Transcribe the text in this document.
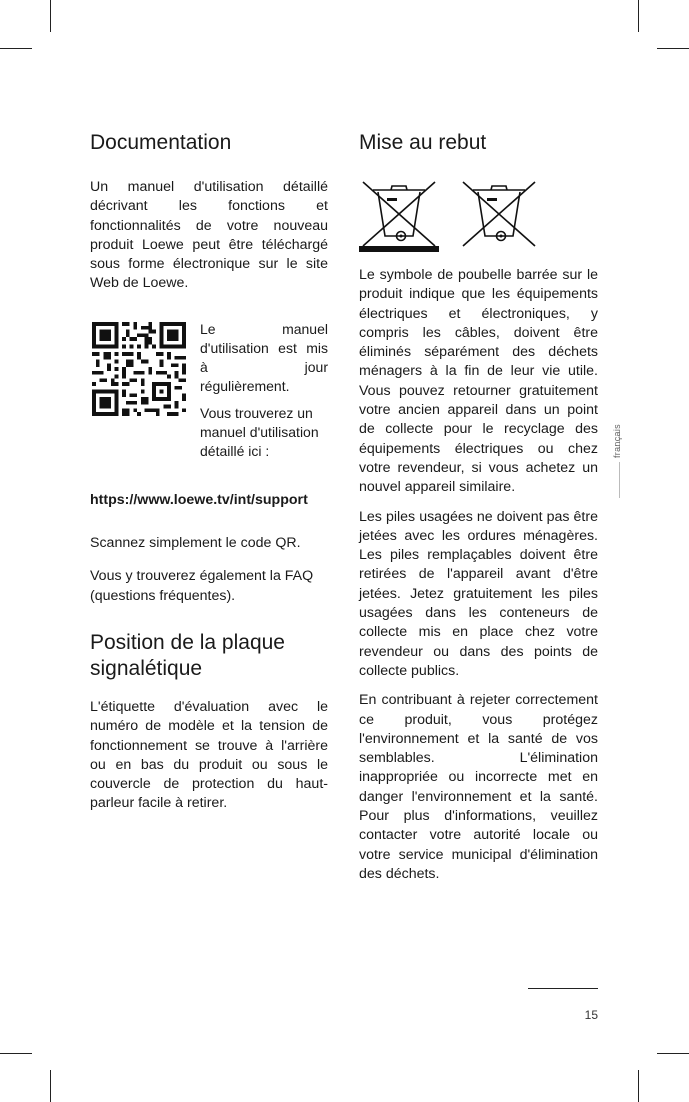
Documentation

Un manuel d'utilisation détaillé décrivant les fonctions et fonctionnalités de votre nouveau produit Loewe peut être téléchargé sous forme électronique sur le site Web de Loewe.

Le manuel d'utilisation est mis à jour régulièrement.

Vous trouverez un manuel d'utilisation détaillé ici :

https://www.loewe.tv/int/support

Scannez simplement le code QR.

Vous y trouverez également la FAQ (questions fréquentes).

Position de la plaque signalétique

L'étiquette d'évaluation avec le numéro de modèle et la tension de fonctionnement se trouve à l'arrière ou en bas du produit ou sous le couvercle de protection du haut-parleur facile à retirer.

Mise au rebut

Le symbole de poubelle barrée sur le produit indique que les équipements électriques et électroniques, y compris les câbles, doivent être éliminés séparément des déchets ménagers à la fin de leur vie utile. Vous pouvez retourner gratuitement votre ancien appareil dans un point de collecte pour le recyclage des équipements électriques ou chez votre revendeur, si vous achetez un nouvel appareil similaire.

Les piles usagées ne doivent pas être jetées avec les ordures ménagères. Les piles remplaçables doivent être retirées de l'appareil avant d'être jetées. Jetez gratuitement les piles usagées dans les conteneurs de collecte mis en place chez votre revendeur ou dans des points de collecte publics.

En contribuant à rejeter correctement ce produit, vous protégez l'environnement et la santé de vos semblables. L'élimination inappropriée ou incorrecte met en danger l'environnement et la santé. Pour plus d'informations, veuillez contacter votre autorité locale ou votre service municipal d'élimination des déchets.

français
15
